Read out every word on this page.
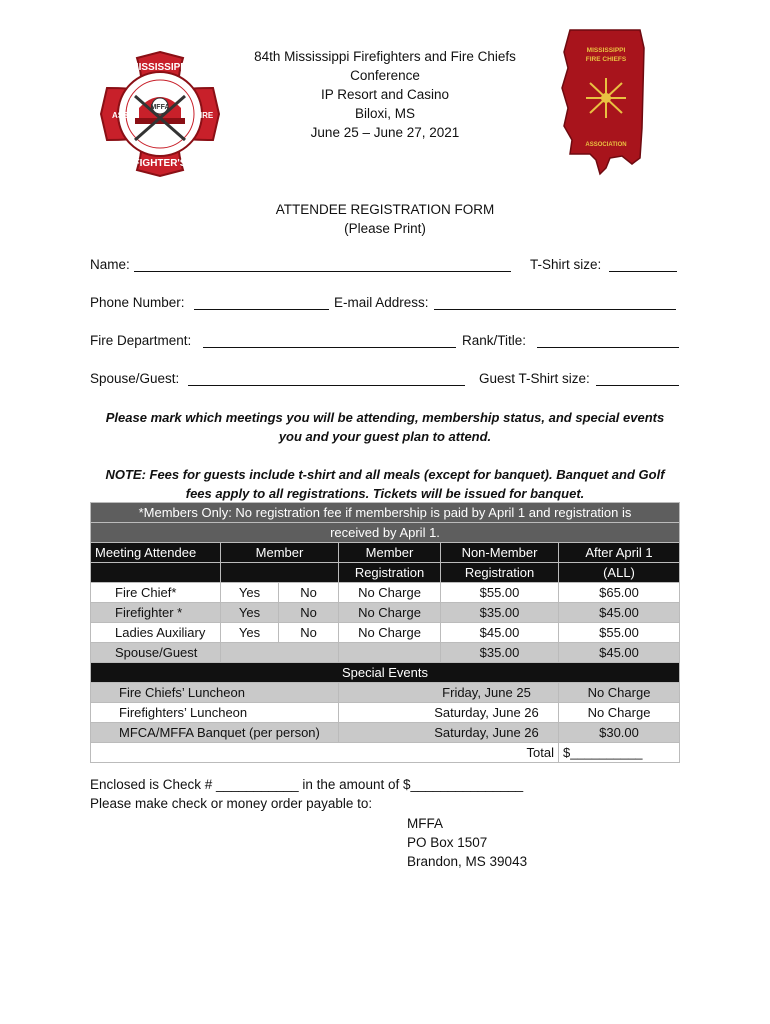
MFFA
MISSISSIPPI
FIGHTER'S
ASS'N.	FIRE
84th Mississippi Firefighters and Fire Chiefs
Conference
IP Resort and Casino
Biloxi, MS
June 25 – June 27, 2021
MISSISSIPPI
FIRE CHIEFS
ASSOCIATION
ATTENDEE REGISTRATION FORM
(Please Print)
Name:	T-Shirt size:
Phone Number:	E-mail Address:
Fire Department:	Rank/Title:
Spouse/Guest:	Guest T-Shirt size:
Please mark which meetings you will be attending, membership status, and special events
you and your guest plan to attend.
NOTE: Fees for guests include t-shirt and all meals (except for banquet). Banquet and Golf
fees apply to all registrations. Tickets will be issued for banquet.
*Members Only: No registration fee if membership is paid by April 1 and registration is					
received by April 1.					
Meeting Attendee	Member		Member	Non-Member	After April 1
			Registration	Registration	(ALL)
Fire Chief*	Yes	No	No Charge	$55.00	$65.00
Firefighter *	Yes	No	No Charge	$35.00	$45.00
Ladies Auxiliary	Yes	No	No Charge	$45.00	$55.00
Spouse/Guest				$35.00	$45.00
Special Events					
Fire Chiefs’ Luncheon			Friday, June 25		No Charge
Firefighters’ Luncheon			Saturday, June 26		No Charge
MFCA/MFFA Banquet (per person)			Saturday, June 26		$30.00
Total					$__________
Enclosed is Check # ___________ in the amount of $_______________
Please make check or money order payable to:
MFFA
PO Box 1507
Brandon, MS 39043
